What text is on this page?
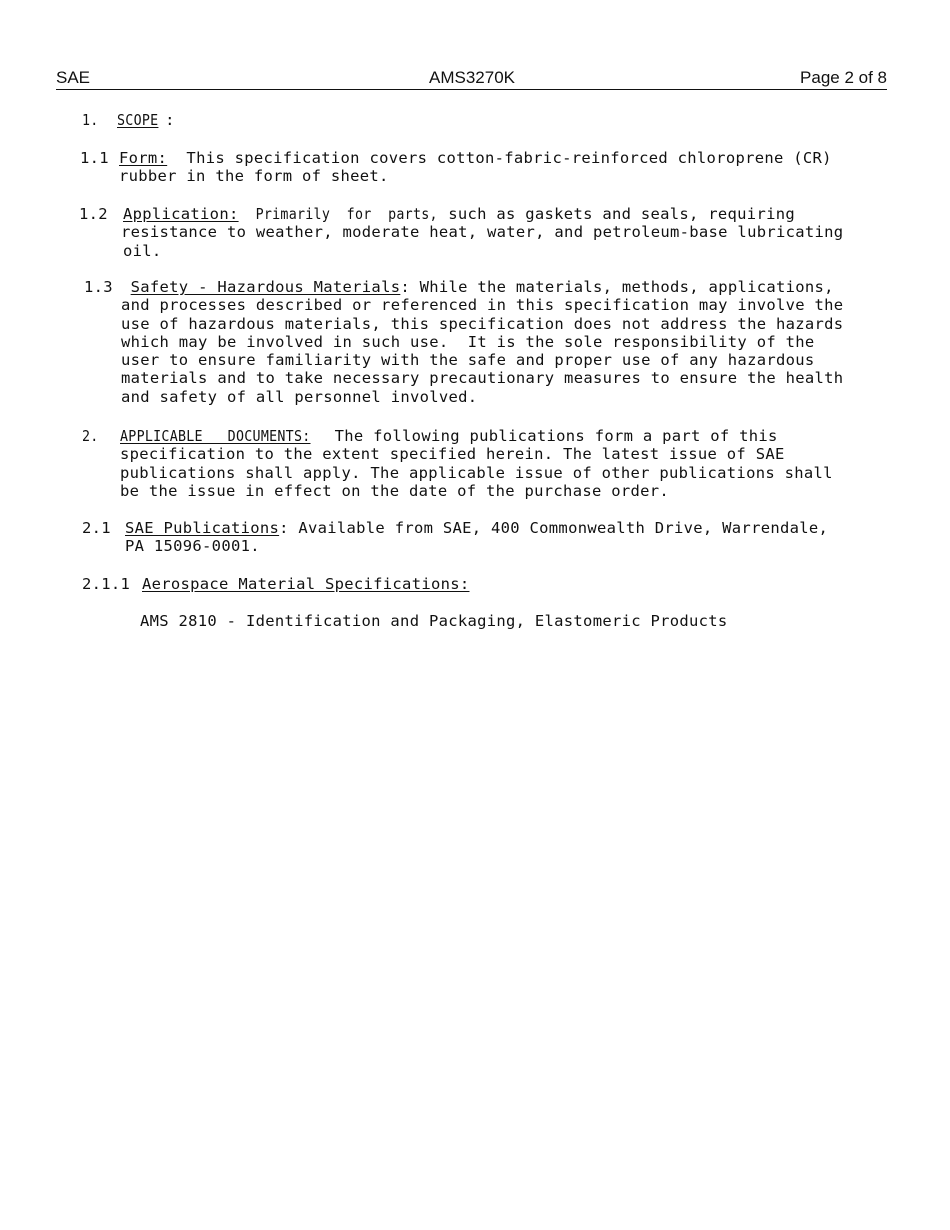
SAE	AMS3270K	Page 2 of 8
1. SCOPE :
1.1 Form:  This specification covers cotton-fabric-reinforced chloroprene (CR)
rubber in the form of sheet.
1.2 Application:  Primarily  for  parts, such as gaskets and seals, requiring
resistance to weather, moderate heat, water, and petroleum-base lubricating
oil.
1.3	Safety - Hazardous Materials: While the materials, methods, applications,
and processes described or referenced in this specification may involve the
use of hazardous materials, this specification does not address the hazards
which may be involved in such use.  It is the sole responsibility of the
user to ensure familiarity with the safe and proper use of any hazardous
materials and to take necessary precautionary measures to ensure the health
and safety of all personnel involved.
2. APPLICABLE   DOCUMENTS: The following publications form a part of this
specification to the extent specified herein. The latest issue of SAE
publications shall apply. The applicable issue of other publications shall
be the issue in effect on the date of the purchase order.
2.1 SAE Publications: Available from SAE, 400 Commonwealth Drive, Warrendale,
PA 15096-0001.
2.1.1 Aerospace Material Specifications:
AMS 2810 - Identification and Packaging, Elastomeric Products
